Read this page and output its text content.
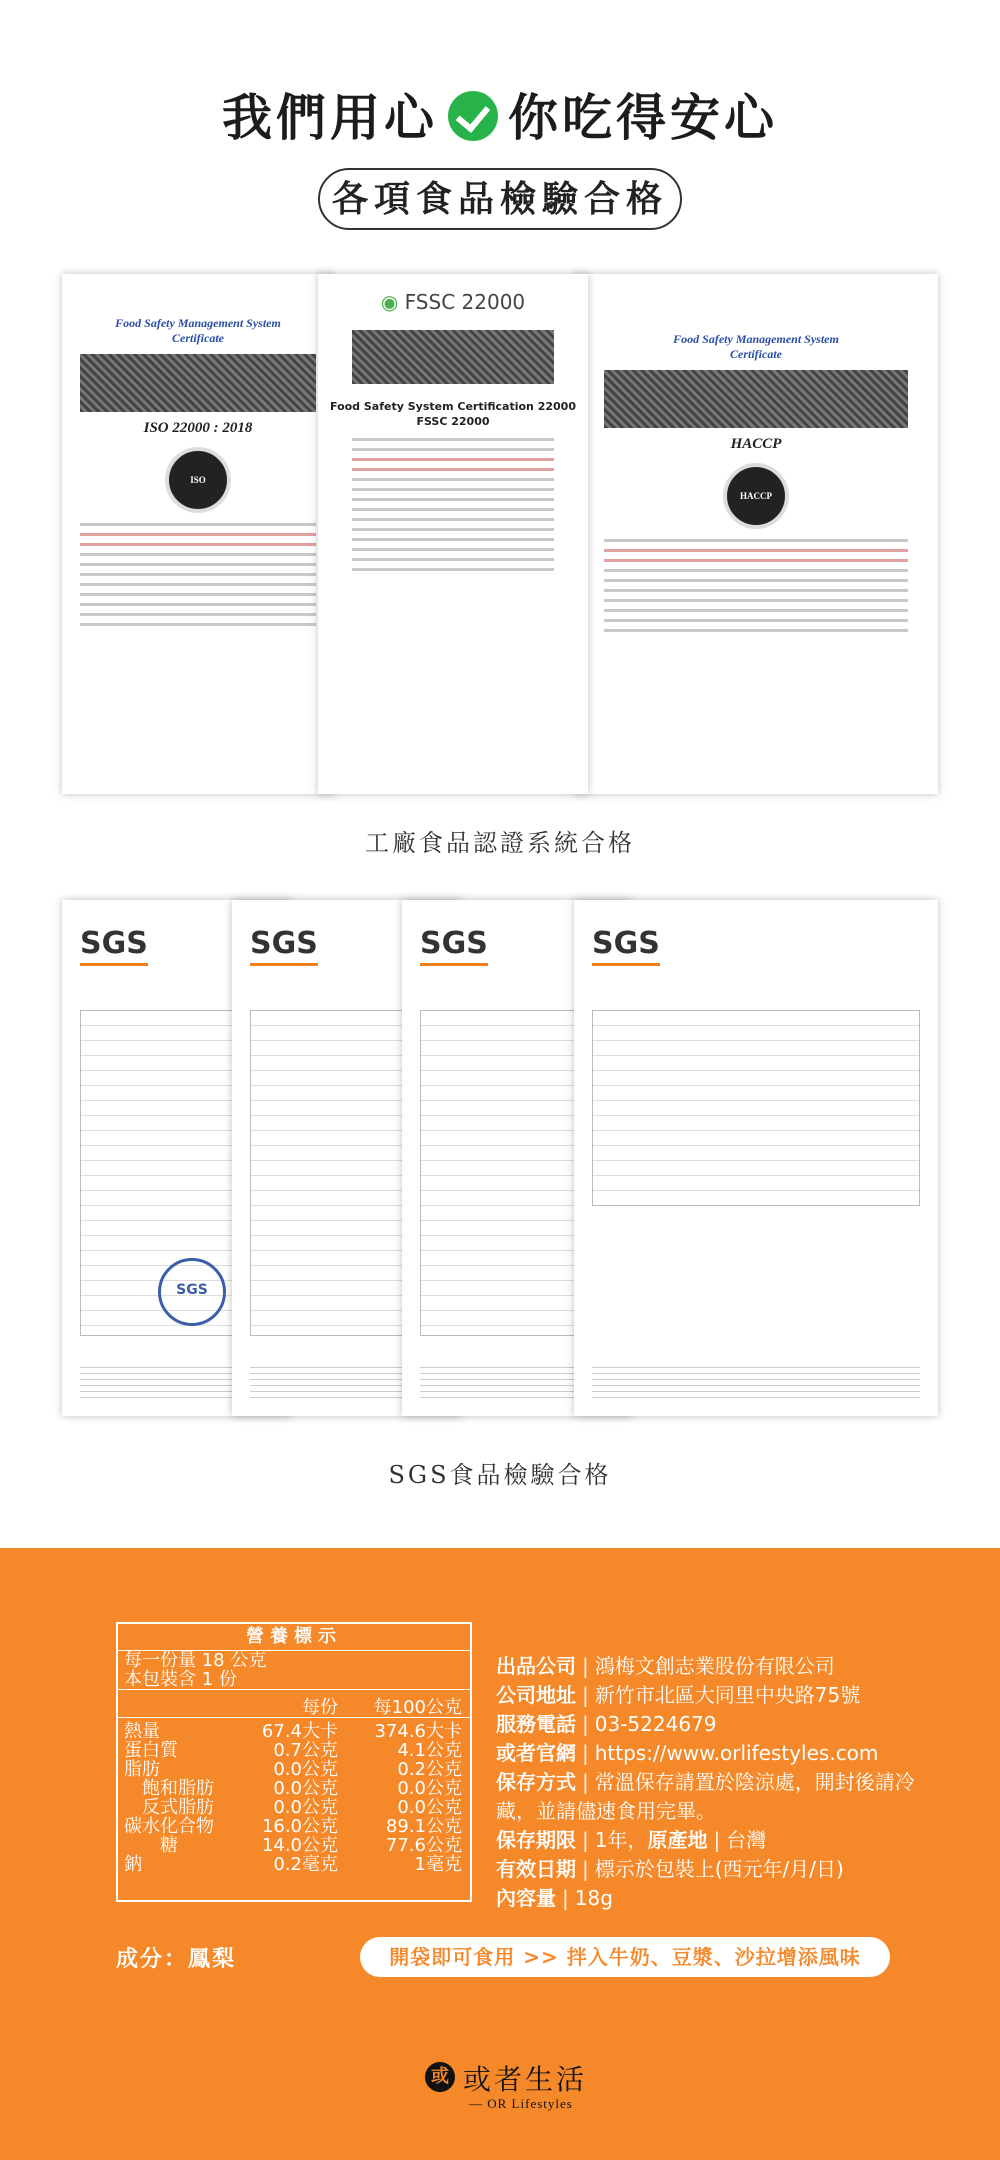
我們用心 你吃得安心
各項食品檢驗合格
Food Safety Management System
Certificate
ISO 22000 : 2018
ISO
Food Safety Management System
Certificate
HACCP
HACCP
◉ FSSC 22000
Food Safety System Certification 22000
FSSC 22000
工廠食品認證系統合格
SGS
SGS
SGS	SGS	SGS
SGS食品檢驗合格
營養標示
每一份量 18 公克
本包裝含 1 份
每份 每100公克
熱量	67.4大卡 374.6大卡
蛋白質	0.7公克	4.1公克
脂肪	0.0公克	0.2公克
　飽和脂肪	0.0公克	0.0公克
　反式脂肪	0.0公克	0.0公克
碳水化合物	16.0公克	89.1公克
　　糖	14.0公克	77.6公克
鈉	0.2毫克	1毫克
出品公司 | 鴻梅文創志業股份有限公司
公司地址 | 新竹市北區大同里中央路75號
服務電話 | 03-5224679
或者官網 | https://www.orlifestyles.com
保存方式 | 常溫保存請置於陰涼處，開封後請冷藏，並請儘速食用完畢。
保存期限 | 1年，原產地 | 台灣
有效日期 | 標示於包裝上(西元年/月/日)
內容量 | 18g
成分：鳳梨	開袋即可食用 >> 拌入牛奶、豆漿、沙拉增添風味
或 或者生活
— OR Lifestyles
